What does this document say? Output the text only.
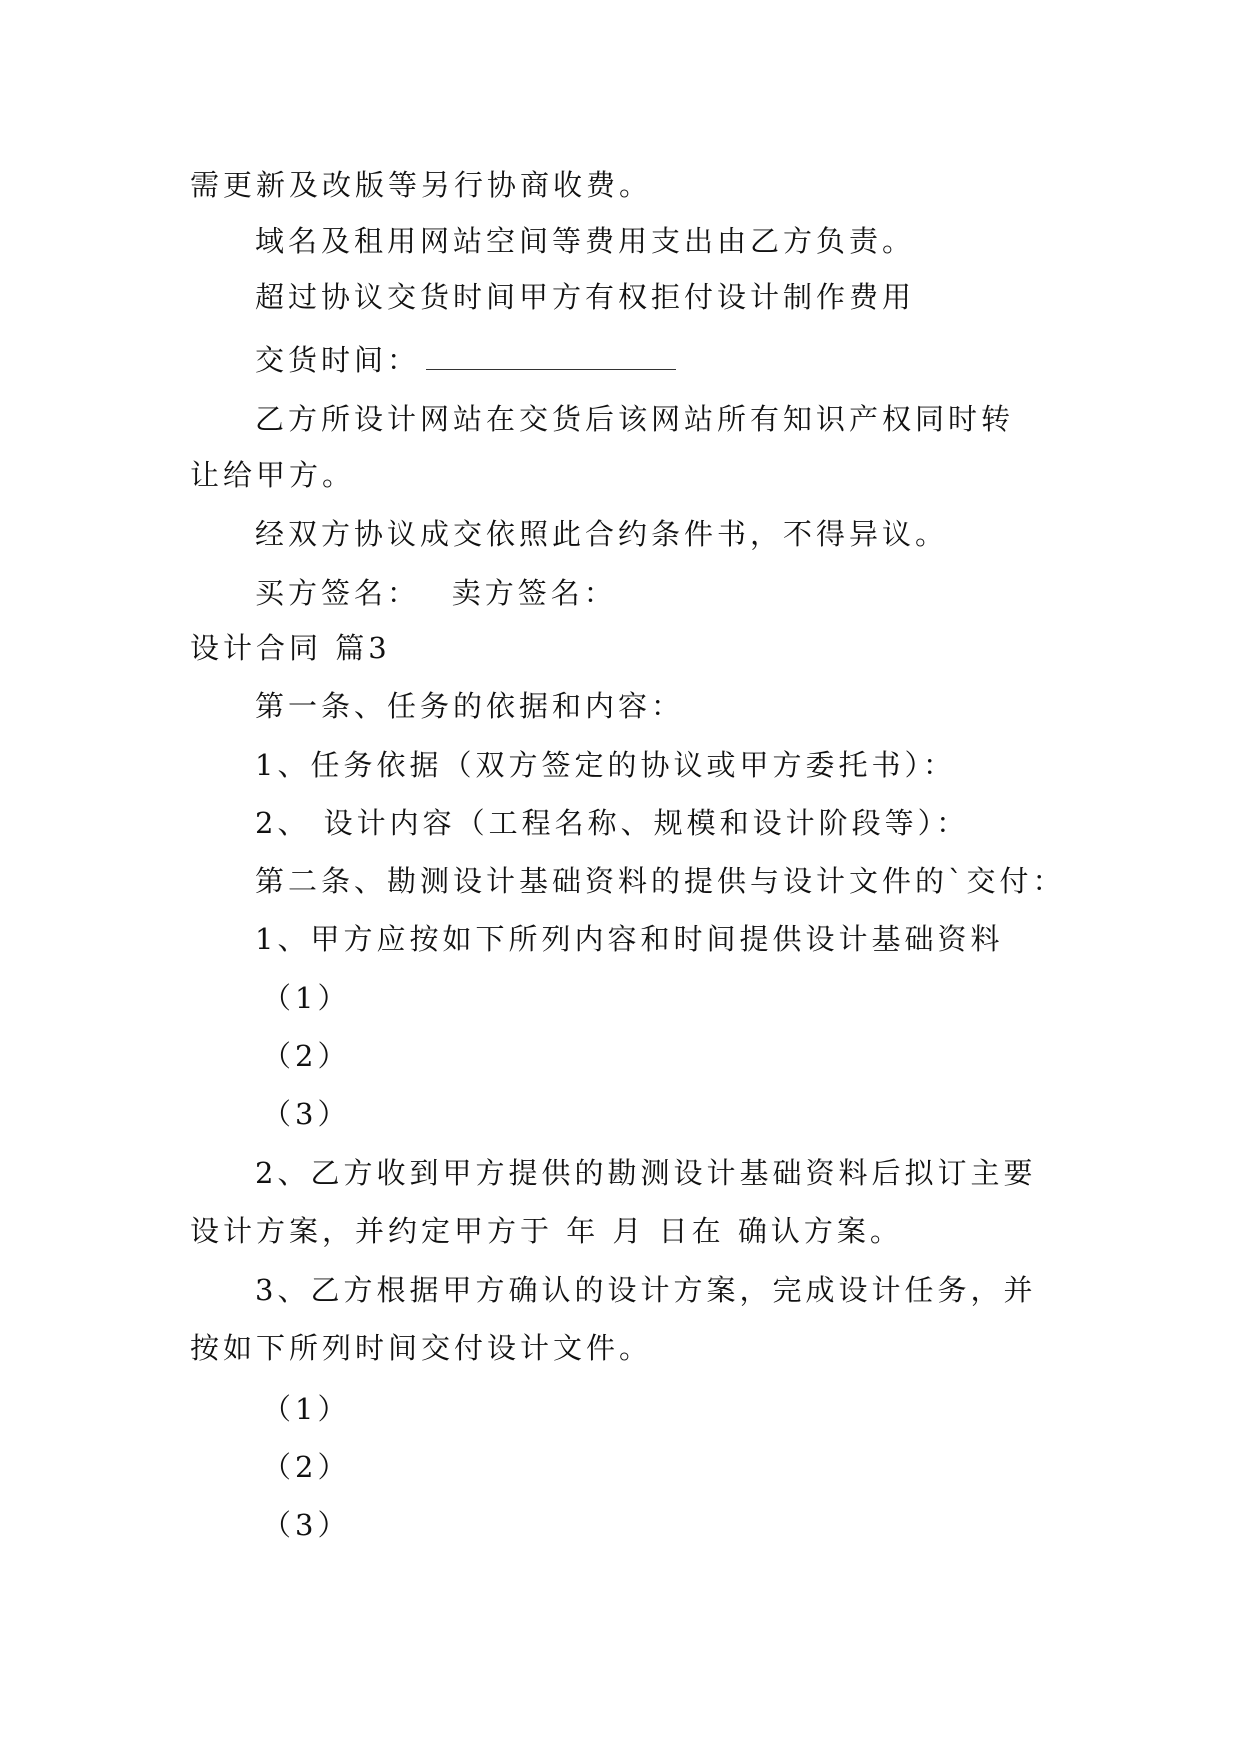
需更新及改版等另行协商收费。
域名及租用网站空间等费用支出由乙方负责。
超过协议交货时间甲方有权拒付设计制作费用
交货时间：
乙方所设计网站在交货后该网站所有知识产权同时转
让给甲方。
经双方协议成交依照此合约条件书，不得异议。
买方签名：　 卖方签名：
设计合同 篇3
第一条、任务的依据和内容：
1、任务依据（双方签定的协议或甲方委托书）：
2、 设计内容（工程名称、规模和设计阶段等）：
第二条、勘测设计基础资料的提供与设计文件的`交付：
1、甲方应按如下所列内容和时间提供设计基础资料
（1）
（2）
（3）
2、乙方收到甲方提供的勘测设计基础资料后拟订主要
设计方案，并约定甲方于 年 月 日在 确认方案。
3、乙方根据甲方确认的设计方案，完成设计任务，并
按如下所列时间交付设计文件。
（1）
（2）
（3）
